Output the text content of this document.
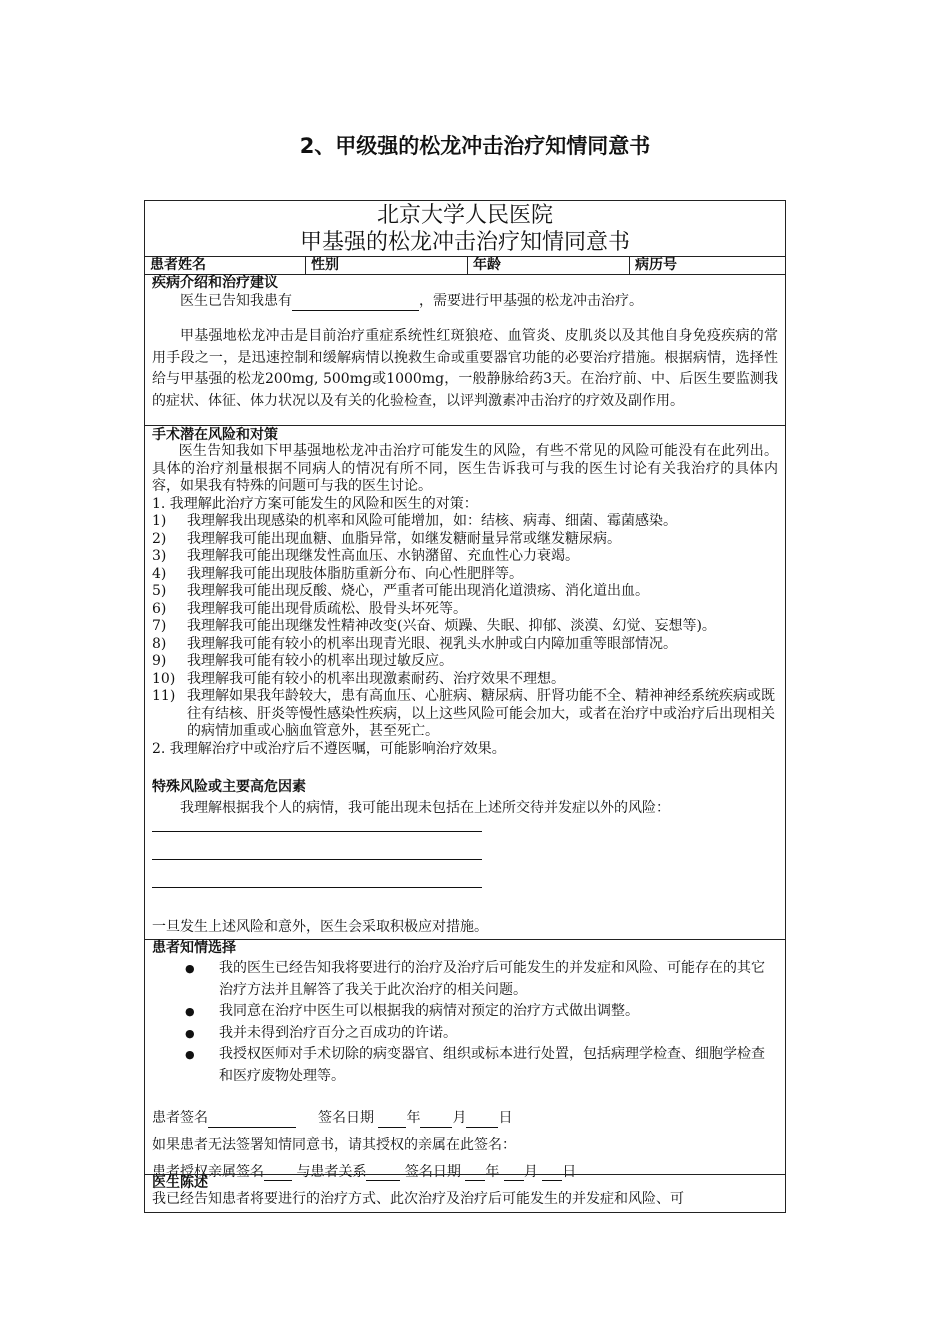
2、甲级强的松龙冲击治疗知情同意书
北京大学人民医院
甲基强的松龙冲击治疗知情同意书
患者姓名	性别	年龄	病历号
疾病介绍和治疗建议

医生已告知我患有	，需要进行甲基强的松龙冲击治疗。

甲基强地松龙冲击是目前治疗重症系统性红斑狼疮、血管炎、皮肌炎以及其他自身免疫疾病的常用手段之一，是迅速控制和缓解病情以挽救生命或重要器官功能的必要治疗措施。根据病情，选择性给与甲基强的松龙200mg, 500mg或1000mg，一般静脉给药3天。在治疗前、中、后医生要监测我的症状、体征、体力状况以及有关的化验检查，以评判激素冲击治疗的疗效及副作用。

手术潜在风险和对策

医生告知我如下甲基强地松龙冲击治疗可能发生的风险，有些不常见的风险可能没有在此列出。具体的治疗剂量根据不同病人的情况有所不同，医生告诉我可与我的医生讨论有关我治疗的具体内容，如果我有特殊的问题可与我的医生讨论。

1. 我理解此治疗方案可能发生的风险和医生的对策：

1)	我理解我出现感染的机率和风险可能增加，如：结核、病毒、细菌、霉菌感染。
2)	我理解我可能出现血糖、血脂异常，如继发糖耐量异常或继发糖尿病。
3)	我理解我可能出现继发性高血压、水钠潴留、充血性心力衰竭。
4)	我理解我可能出现肢体脂肪重新分布、向心性肥胖等。
5)	我理解我可能出现反酸、烧心，严重者可能出现消化道溃疡、消化道出血。
6)	我理解我可能出现骨质疏松、股骨头坏死等。
7)	我理解我可能出现继发性精神改变(兴奋、烦躁、失眠、抑郁、淡漠、幻觉、妄想等)。
8)	我理解我可能有较小的机率出现青光眼、视乳头水肿或白内障加重等眼部情况。
9)	我理解我可能有较小的机率出现过敏反应。
10) 我理解我可能有较小的机率出现激素耐药、治疗效果不理想。
11) 我理解如果我年龄较大，患有高血压、心脏病、糖尿病、肝肾功能不全、精神神经系统疾病或既往有结核、肝炎等慢性感染性疾病，以上这些风险可能会加大，或者在治疗中或治疗后出现相关的病情加重或心脑血管意外，甚至死亡。

2. 我理解治疗中或治疗后不遵医嘱，可能影响治疗效果。

特殊风险或主要高危因素

我理解根据我个人的病情，我可能出现未包括在上述所交待并发症以外的风险：

一旦发生上述风险和意外，医生会采取积极应对措施。

患者知情选择
●	我的医生已经告知我将要进行的治疗及治疗后可能发生的并发症和风险、可能存在的其它治疗方法并且解答了我关于此次治疗的相关问题。
●	我同意在治疗中医生可以根据我的病情对预定的治疗方式做出调整。
●	我并未得到治疗百分之百成功的许诺。
●	我授权医师对手术切除的病变器官、组织或标本进行处置，包括病理学检查、细胞学检查和医疗废物处理等。
患者签名	签名日期 年 月 日
如果患者无法签署知情同意书，请其授权的亲属在此签名：
患者授权亲属签名 与患者关系	签名日期 年 月 日
医生陈述
我已经告知患者将要进行的治疗方式、此次治疗及治疗后可能发生的并发症和风险、可
